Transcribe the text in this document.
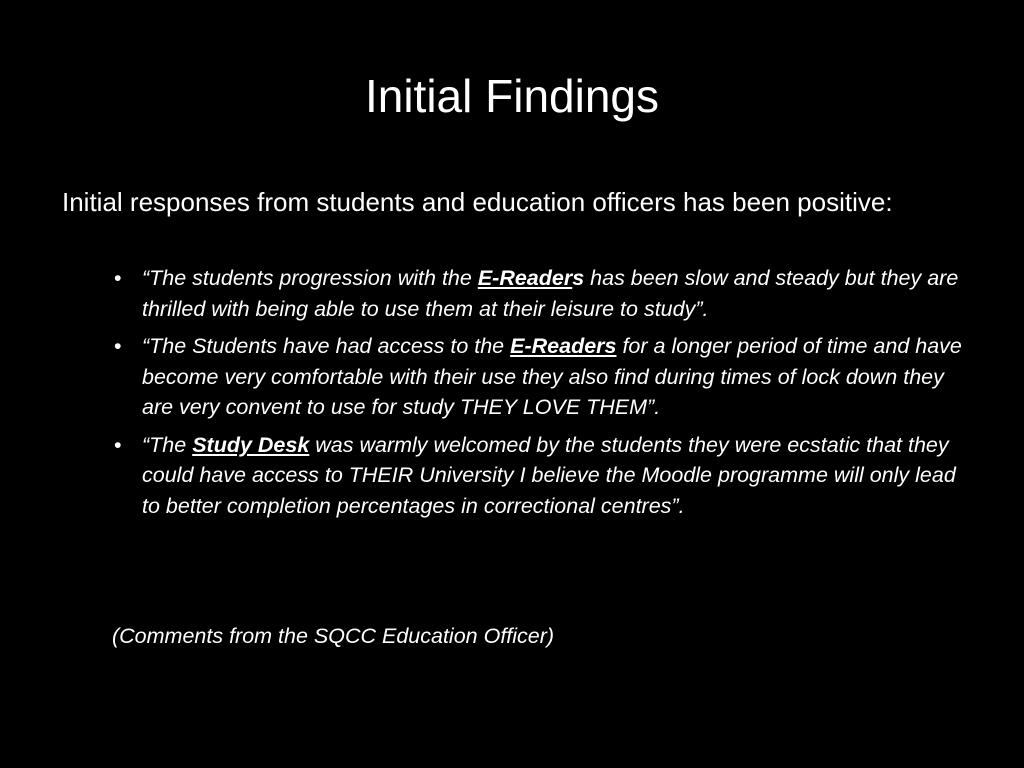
Initial Findings

Initial responses from students and education officers has been positive:

• “The students progression with the E-Readers has been slow and steady but they are thrilled with being able to use them at their leisure to study”.
• “The Students have had access to the E-Readers for a longer period of time and have become very comfortable with their use they also find during times of lock down they are very convent to use for study THEY LOVE THEM”.
• “The Study Desk was warmly welcomed by the students they were ecstatic that they could have access to THEIR University I believe the Moodle programme will only lead to better completion percentages in correctional centres”.

(Comments from the SQCC Education Officer)
